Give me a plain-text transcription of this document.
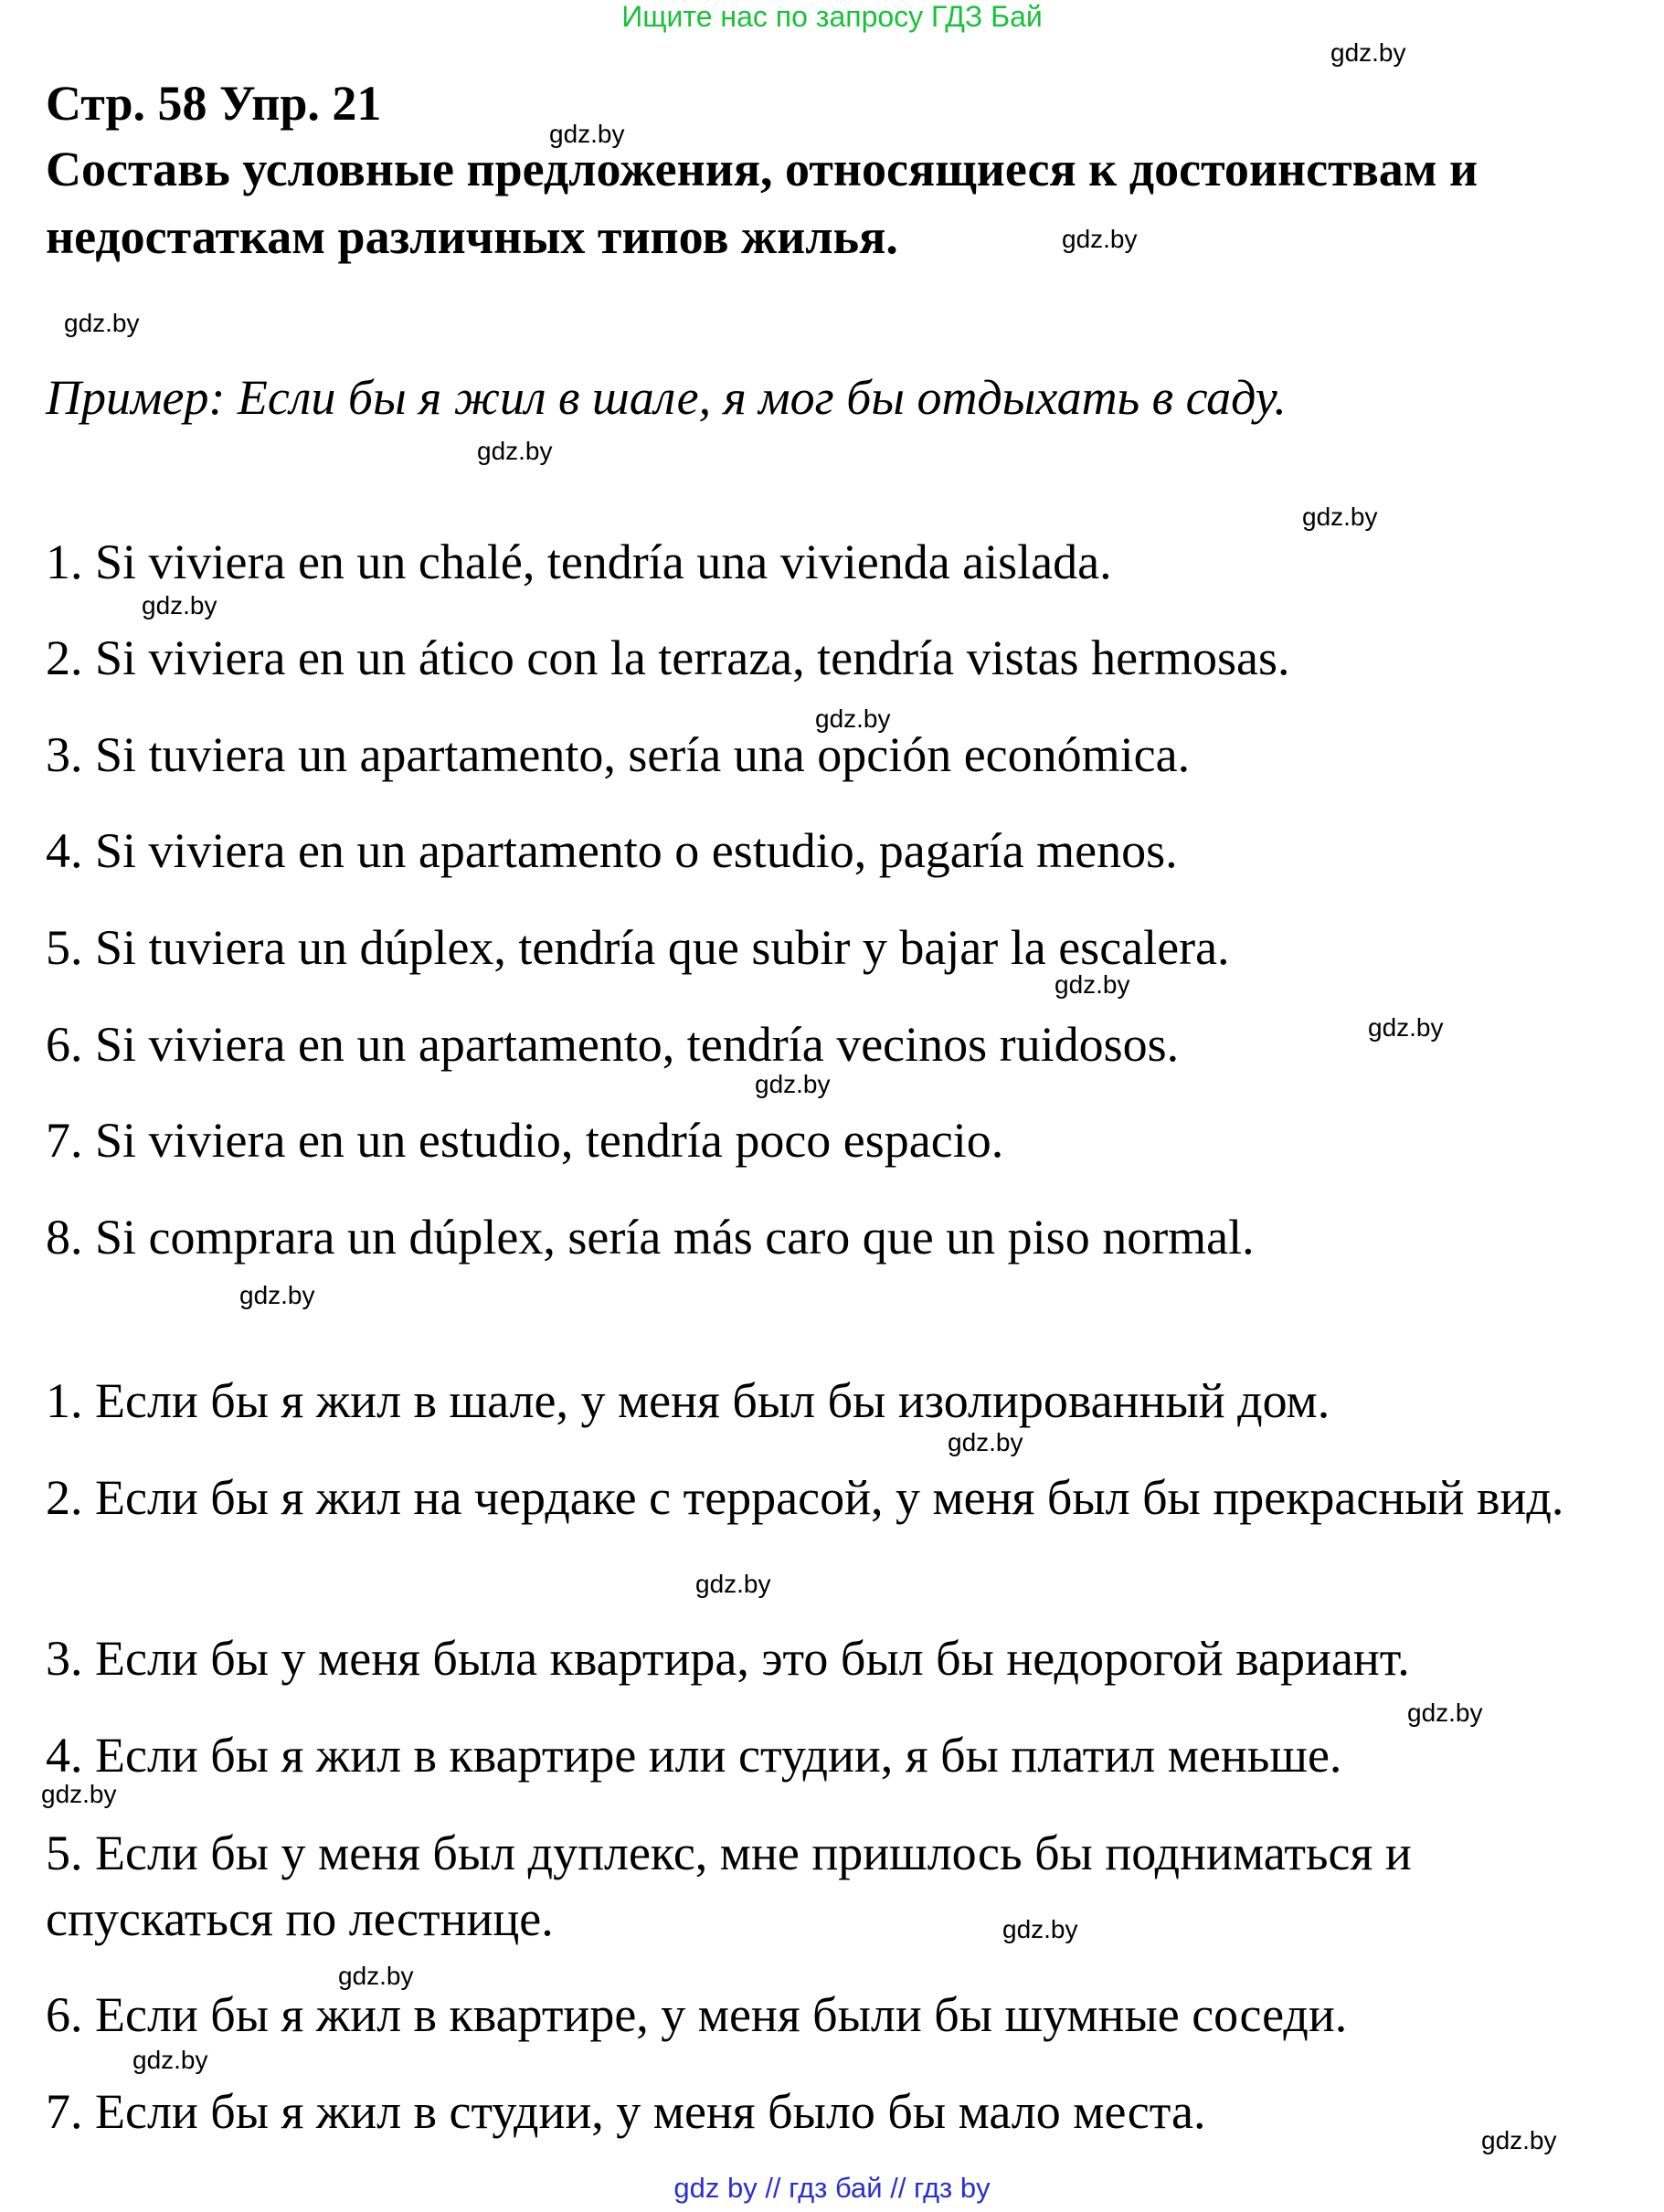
Ищите нас по запросу ГДЗ Бай
Стр. 58 Упр. 21
Составь условные предложения, относящиеся к достоинствам и недостаткам различных типов жилья.
Пример: Если бы я жил в шале, я мог бы отдыхать в саду.
1. Si viviera en un chalé, tendría una vivienda aislada.
2. Si viviera en un ático con la terraza, tendría vistas hermosas.
3. Si tuviera un apartamento, sería una opción económica.
4. Si viviera en un apartamento o estudio, pagaría menos.
5. Si tuviera un dúplex, tendría que subir y bajar la escalera.
6. Si viviera en un apartamento, tendría vecinos ruidosos.
7. Si viviera en un estudio, tendría poco espacio.
8. Si comprara un dúplex, sería más caro que un piso normal.
1. Если бы я жил в шале, у меня был бы изолированный дом.
2. Если бы я жил на чердаке с террасой, у меня был бы прекрасный вид.
3. Если бы у меня была квартира, это был бы недорогой вариант.
4. Если бы я жил в квартире или студии, я бы платил меньше.
5. Если бы у меня был дуплекс, мне пришлось бы подниматься и спускаться по лестнице.
6. Если бы я жил в квартире, у меня были бы шумные соседи.
7. Если бы я жил в студии, у меня было бы мало места.
gdz.by
gdz.by
gdz.by
gdz.by
gdz.by
gdz.by
gdz.by
gdz.by
gdz.by
gdz.by
gdz.by
gdz.by
gdz.by
gdz.by
gdz.by
gdz.by
gdz.by
gdz.by
gdz.by
gdz.by
gdz by // гдз бай // гдз by
